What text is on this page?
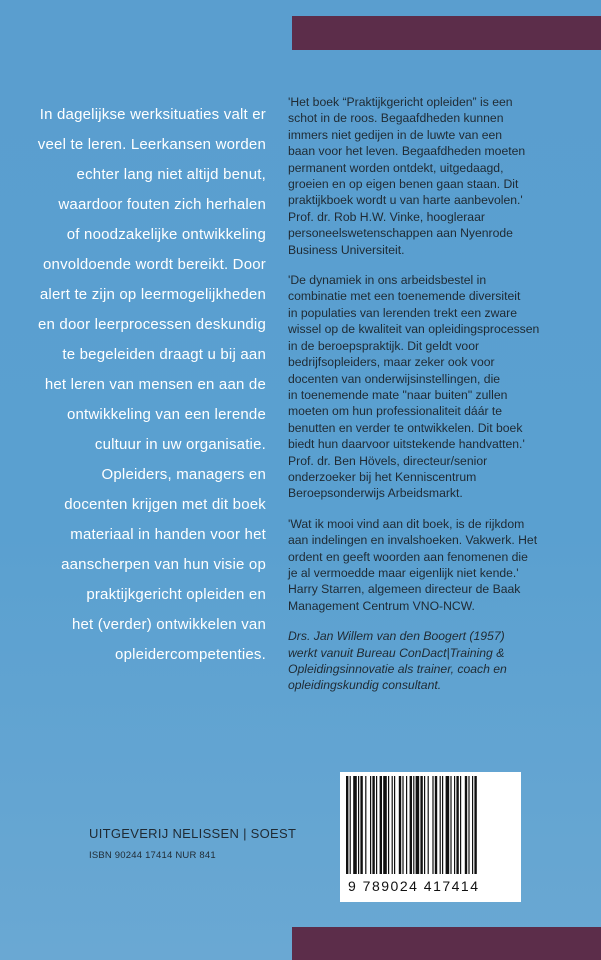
In dagelijkse werksituaties valt er
veel te leren. Leerkansen worden
echter lang niet altijd benut,
waardoor fouten zich herhalen
of noodzakelijke ontwikkeling
onvoldoende wordt bereikt. Door
alert te zijn op leermogelijkheden
en door leerprocessen deskundig
te begeleiden draagt u bij aan
het leren van mensen en aan de
ontwikkeling van een lerende
cultuur in uw organisatie.
Opleiders, managers en
docenten krijgen met dit boek
materiaal in handen voor het
aanscherpen van hun visie op
praktijkgericht opleiden en
het (verder) ontwikkelen van
opleidercompetenties.
'Het boek “Praktijkgericht opleiden” is een
schot in de roos. Begaafdheden kunnen
immers niet gedijen in de luwte van een
baan voor het leven. Begaafdheden moeten
permanent worden ontdekt, uitgedaagd,
groeien en op eigen benen gaan staan. Dit
praktijkboek wordt u van harte aanbevolen.'
Prof. dr. Rob H.W. Vinke, hoogleraar
personeelswetenschappen aan Nyenrode
Business Universiteit.
'De dynamiek in ons arbeidsbestel in
combinatie met een toenemende diversiteit
in populaties van lerenden trekt een zware
wissel op de kwaliteit van opleidingsprocessen
in de beroepspraktijk. Dit geldt voor
bedrijfsopleiders, maar zeker ook voor
docenten van onderwijsinstellingen, die
in toenemende mate "naar buiten" zullen
moeten om hun professionaliteit dáár te
benutten en verder te ontwikkelen. Dit boek
biedt hun daarvoor uitstekende handvatten.'
Prof. dr. Ben Hövels, directeur/senior
onderzoeker bij het Kenniscentrum
Beroepsonderwijs Arbeidsmarkt.
'Wat ik mooi vind aan dit boek, is de rijkdom
aan indelingen en invalshoeken. Vakwerk. Het
ordent en geeft woorden aan fenomenen die
je al vermoedde maar eigenlijk niet kende.'
Harry Starren, algemeen directeur de Baak
Management Centrum VNO-NCW.
Drs. Jan Willem van den Boogert (1957)
werkt vanuit Bureau ConDact|Training &
Opleidingsinnovatie als trainer, coach en
opleidingskundig consultant.
UITGEVERIJ NELISSEN | SOEST
ISBN 90244 17414 NUR 841
9 789024 417414
